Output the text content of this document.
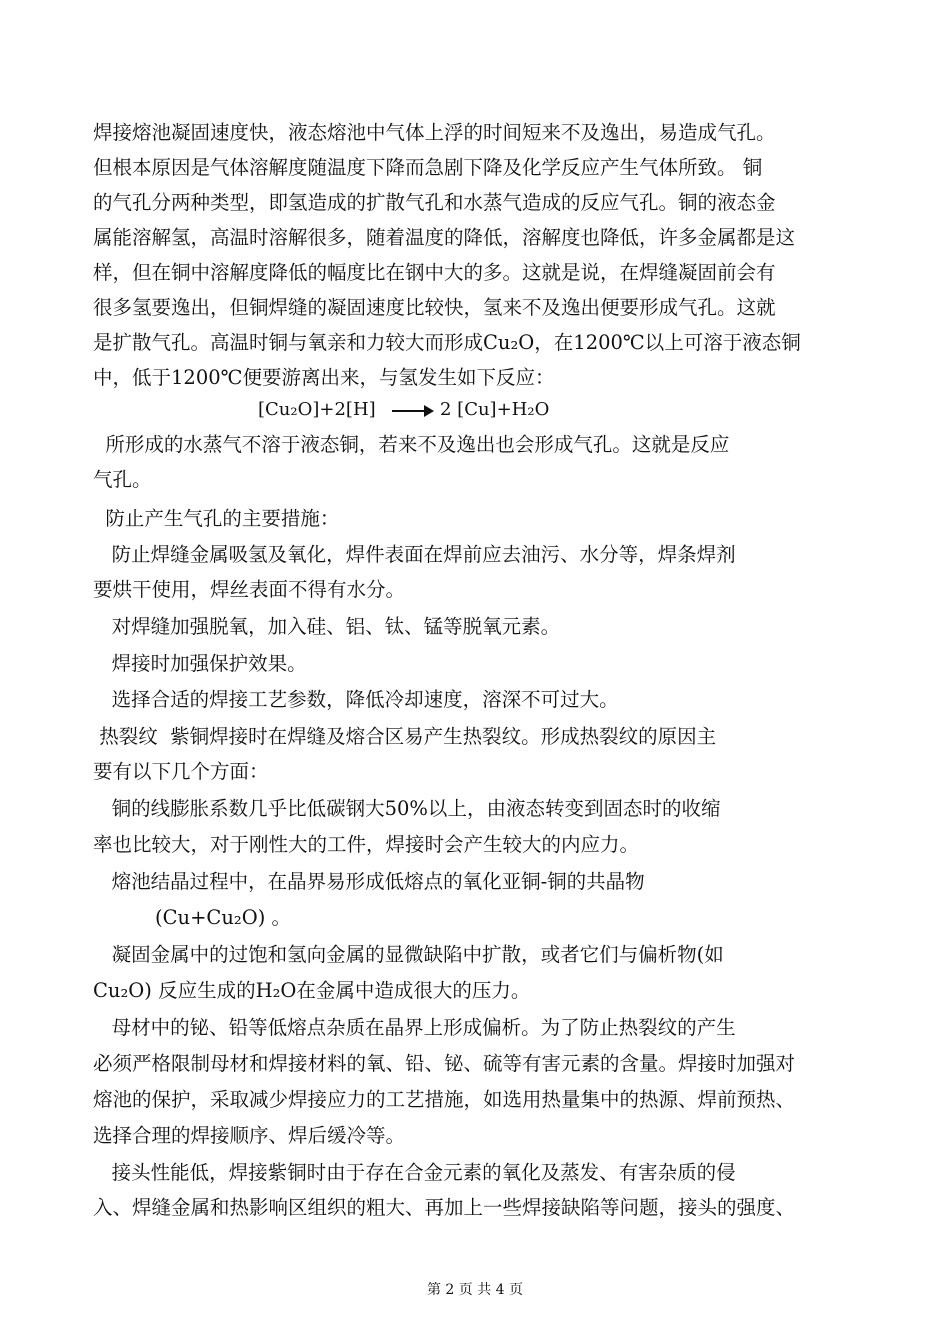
焊接熔池凝固速度快，液态熔池中气体上浮的时间短来不及逸出，易造成气孔。
但根本原因是气体溶解度随温度下降而急剧下降及化学反应产生气体所致。 铜
的气孔分两种类型，即氢造成的扩散气孔和水蒸气造成的反应气孔。铜的液态金
属能溶解氢，高温时溶解很多，随着温度的降低，溶解度也降低，许多金属都是这
样，但在铜中溶解度降低的幅度比在钢中大的多。这就是说，在焊缝凝固前会有
很多氢要逸出，但铜焊缝的凝固速度比较快，氢来不及逸出便要形成气孔。这就
是扩散气孔。高温时铜与氧亲和力较大而形成Cu₂O，在1200℃以上可溶于液态铜
中，低于1200℃便要游离出来，与氢发生如下反应：
[Cu₂O]+2[H] → 2 [Cu]+H₂O
所形成的水蒸气不溶于液态铜，若来不及逸出也会形成气孔。这就是反应
气孔。
防止产生气孔的主要措施：
防止焊缝金属吸氢及氧化，焊件表面在焊前应去油污、水分等，焊条焊剂
要烘干使用，焊丝表面不得有水分。
对焊缝加强脱氧，加入硅、铝、钛、锰等脱氧元素。
焊接时加强保护效果。
选择合适的焊接工艺参数，降低冷却速度，溶深不可过大。
热裂纹  紫铜焊接时在焊缝及熔合区易产生热裂纹。形成热裂纹的原因主
要有以下几个方面：
铜的线膨胀系数几乎比低碳钢大50%以上，由液态转变到固态时的收缩
率也比较大，对于刚性大的工件，焊接时会产生较大的内应力。
熔池结晶过程中，在晶界易形成低熔点的氧化亚铜-铜的共晶物
(Cu+Cu₂O) 。
凝固金属中的过饱和氢向金属的显微缺陷中扩散，或者它们与偏析物(如
Cu₂O) 反应生成的H₂O在金属中造成很大的压力。
母材中的铋、铅等低熔点杂质在晶界上形成偏析。为了防止热裂纹的产生
必须严格限制母材和焊接材料的氧、铅、铋、硫等有害元素的含量。焊接时加强对
熔池的保护，采取减少焊接应力的工艺措施，如选用热量集中的热源、焊前预热、
选择合理的焊接顺序、焊后缓冷等。
接头性能低，焊接紫铜时由于存在合金元素的氧化及蒸发、有害杂质的侵
入、焊缝金属和热影响区组织的粗大、再加上一些焊接缺陷等问题，接头的强度、
第 2 页 共 4 页
